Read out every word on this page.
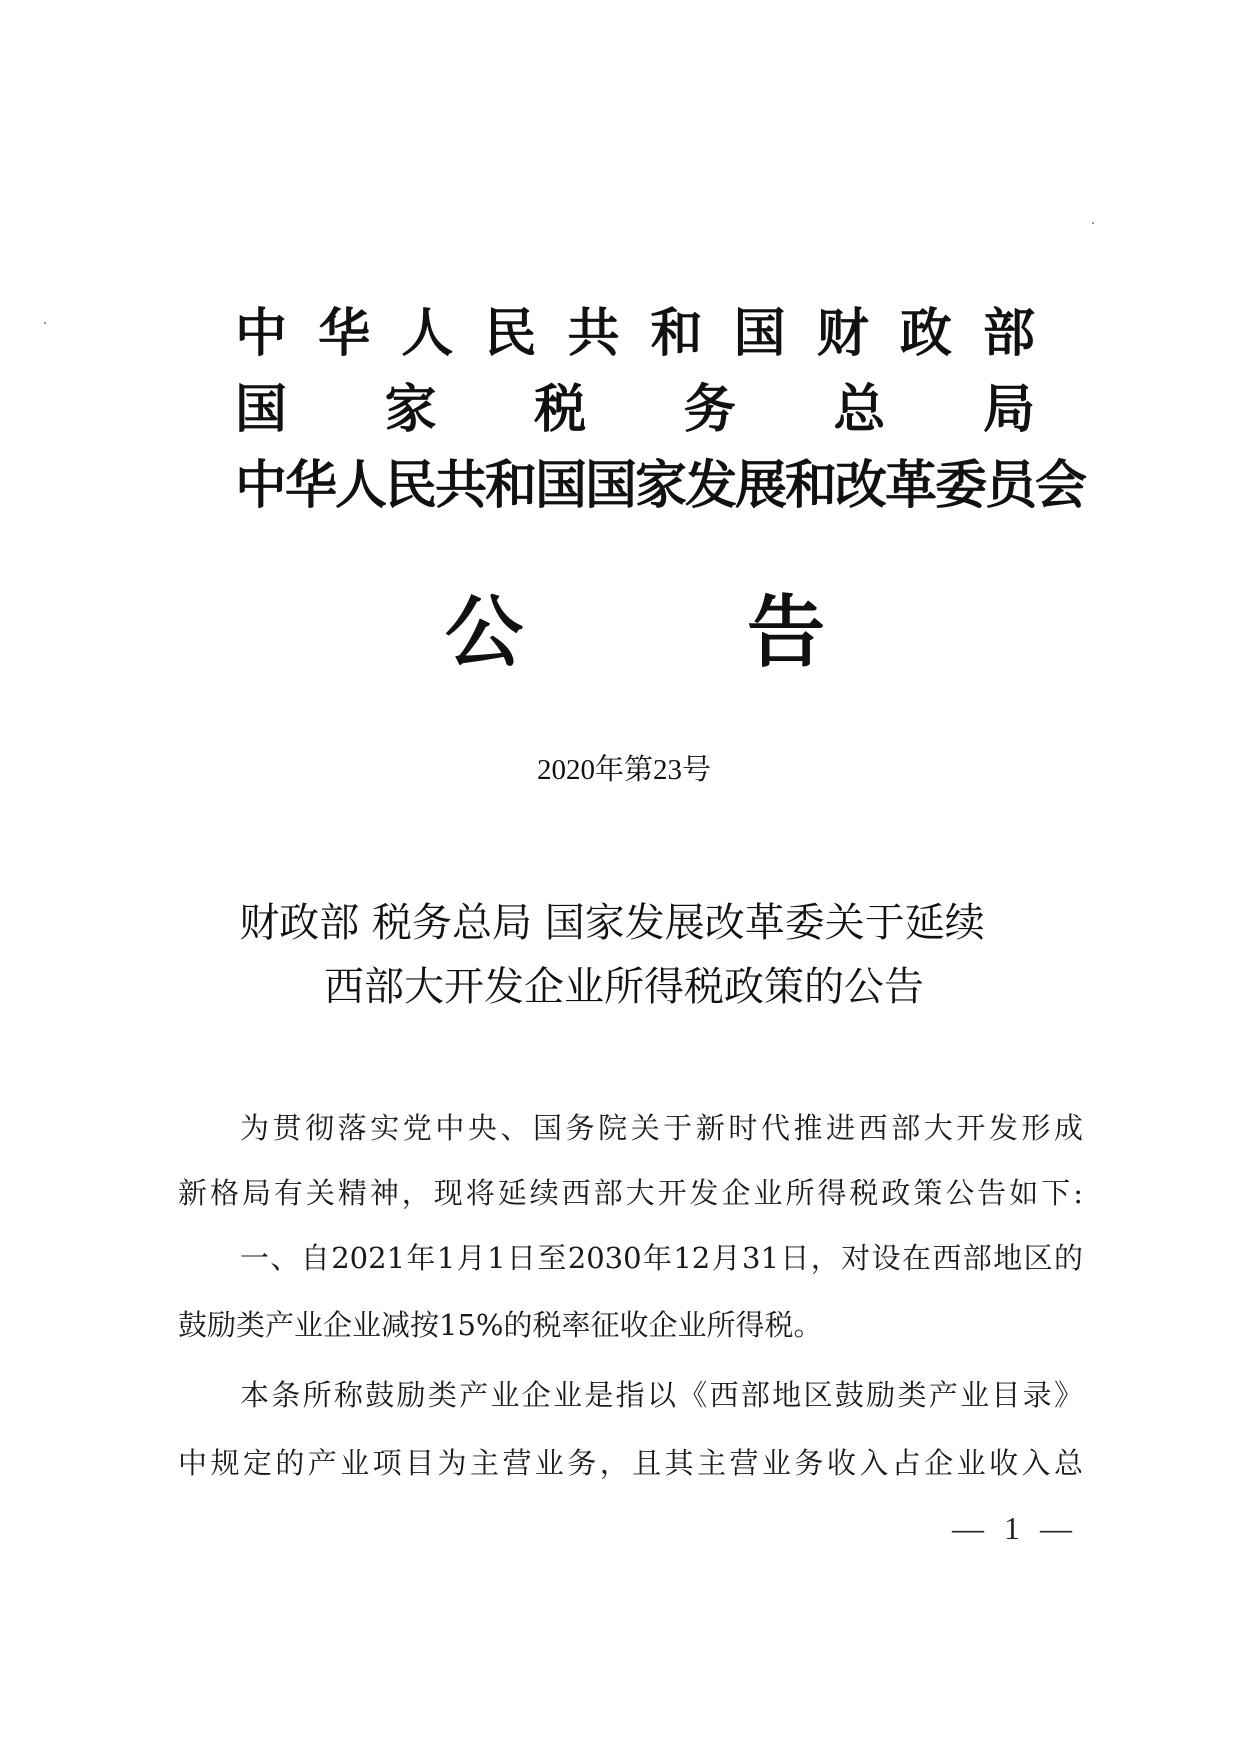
中华人民共和国财政部
国家税务总局
中华人民共和国国家发展和改革委员会
公告
2020年第23号
财政部 税务总局 国家发展改革委关于延续
西部大开发企业所得税政策的公告
为贯彻落实党中央、国务院关于新时代推进西部大开发形成
新格局有关精神，现将延续西部大开发企业所得税政策公告如下:
一、自2021年1月1日至2030年12月31日，对设在西部地区的
鼓励类产业企业减按15%的税率征收企业所得税。
本条所称鼓励类产业企业是指以《西部地区鼓励类产业目录》
中规定的产业项目为主营业务，且其主营业务收入占企业收入总
— 1 —
